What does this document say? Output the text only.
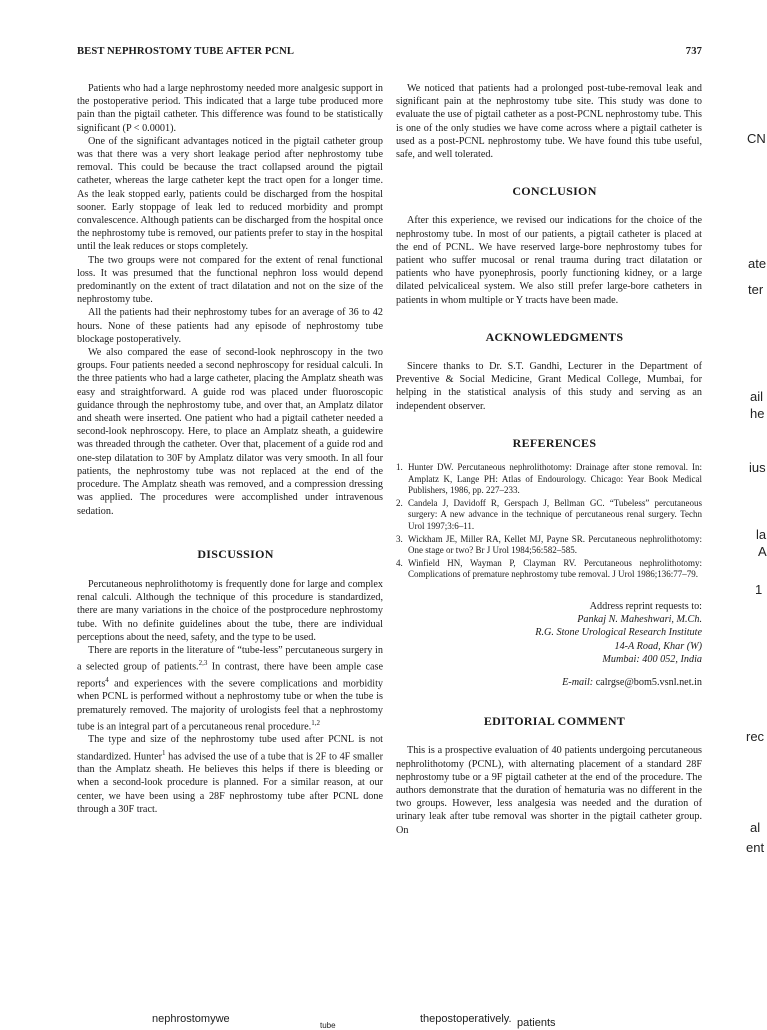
BEST NEPHROSTOMY TUBE AFTER PCNL	737

Patients who had a large nephrostomy needed more analgesic support in the postoperative period. This indicated that a large tube produced more pain than the pigtail catheter. This difference was found to be statistically significant (P < 0.0001).

One of the significant advantages noticed in the pigtail catheter group was that there was a very short leakage period after nephrostomy tube removal. This could be because the tract collapsed around the pigtail catheter, whereas the large catheter kept the tract open for a longer time. As the leak stopped early, patients could be discharged from the hospital sooner. Early stoppage of leak led to reduced morbidity and prompt convalescence. Although patients can be discharged from the hospital once the nephrostomy tube is removed, our patients prefer to stay in the hospital until the leak reduces or stops completely.

The two groups were not compared for the extent of renal functional loss. It was presumed that the functional nephron loss would depend predominantly on the extent of tract dilatation and not on the size of the nephrostomy tube.

All the patients had their nephrostomy tubes for an average of 36 to 42 hours. None of these patients had any episode of nephrostomy tube blockage postoperatively.

We also compared the ease of second-look nephroscopy in the two groups. Four patients needed a second nephroscopy for residual calculi. In the three patients who had a large catheter, placing the Amplatz sheath was easy and straightforward. A guide rod was placed under fluoroscopic guidance through the nephrostomy tube, and over that, an Amplatz dilator and sheath were inserted. One patient who had a pigtail catheter needed a second-look nephroscopy. Here, to place an Amplatz sheath, a guidewire was threaded through the catheter. Over that, placement of a guide rod and one-step dilatation to 30F by Amplatz dilator was very smooth. In all four patients, the nephrostomy tube was not replaced at the end of the procedure. The Amplatz sheath was removed, and a compression dressing was applied. The procedures were accomplished under intravenous sedation.

DISCUSSION

Percutaneous nephrolithotomy is frequently done for large and complex renal calculi. Although the technique of this procedure is standardized, there are many variations in the choice of the postprocedure nephrostomy tube. With no definite guidelines about the tube, there are individual perceptions about the need, safety, and the type to be used.

There are reports in the literature of “tube-less” percutaneous surgery in a selected group of patients.$^{2,3}$ In contrast, there have been ample case reports$^4$ and experiences with the severe complications and morbidity when PCNL is performed without a nephrostomy tube or when the tube is prematurely removed. The majority of urologists feel that a nephrostomy tube is an integral part of a percutaneous renal procedure.$^{1,2}$

The type and size of the nephrostomy tube used after PCNL is not standardized. Hunter$^1$ has advised the use of a tube that is 2F to 4F smaller than the Amplatz sheath. He believes this helps if there is bleeding or when a second-look procedure is planned. For a similar reason, at our center, we have been using a 28F nephrostomy tube after PCNL done through a 30F tract.

We noticed that patients had a prolonged post-tube-removal leak and significant pain at the nephrostomy tube site. This study was done to evaluate the use of pigtail catheter as a post-PCNL nephrostomy tube. This is one of the only studies we have come across where a pigtail catheter is used as a post-PCNL nephrostomy tube. We have found this tube useful, safe, and well tolerated.

CONCLUSION

After this experience, we revised our indications for the choice of the nephrostomy tube. In most of our patients, a pigtail catheter is placed at the end of PCNL. We have reserved large-bore nephrostomy tubes for patient who suffer mucosal or renal trauma during tract dilatation or patients who have pyonephrosis, poorly functioning kidney, or a large dilated pelvicaliceal system. We also still prefer large-bore catheters in patients in whom multiple or Y tracts have been made.

ACKNOWLEDGMENTS

Sincere thanks to Dr. S.T. Gandhi, Lecturer in the Department of Preventive & Social Medicine, Grant Medical College, Mumbai, for helping in the statistical analysis of this study and serving as an independent observer.

REFERENCES

1. Hunter DW. Percutaneous nephrolithotomy: Drainage after stone removal. In: Amplatz K, Lange PH: Atlas of Endourology. Chicago: Year Book Medical Publishers, 1986, pp. 227–233.
2. Candela J, Davidoff R, Gerspach J, Bellman GC. “Tubeless” percutaneous surgery: A new advance in the technique of percutaneous renal surgery. Techn Urol 1997;3:6–11.
3. Wickham JE, Miller RA, Kellet MJ, Payne SR. Percutaneous nephrolithotomy: One stage or two? Br J Urol 1984;56:582–585.
4. Winfield HN, Wayman P, Clayman RV. Percutaneous nephrolithotomy: Complications of premature nephrostomy tube removal. J Urol 1986;136:77–79.
Address reprint requests to:
Pankaj N. Maheshwari, M.Ch.
R.G. Stone Urological Research Institute
14-A Road, Khar (W)
Mumbai: 400 052, India
E-mail: calrgse@bom5.vsnl.net.in

EDITORIAL COMMENT

This is a prospective evaluation of 40 patients undergoing percutaneous nephrolithotomy (PCNL), with alternating placement of a standard 28F nephrostomy tube or a 9F pigtail catheter at the end of the procedure. The authors demonstrate that the duration of hematuria was no different in the two groups. However, less analgesia was needed and the duration of urinary leak after tube removal was shorter in the pigtail catheter group. On

CN
ate
ter
ail
he
ius
la
A
1
rec
al
ent
nephrostomywe
tube
thepostoperatively. patients
